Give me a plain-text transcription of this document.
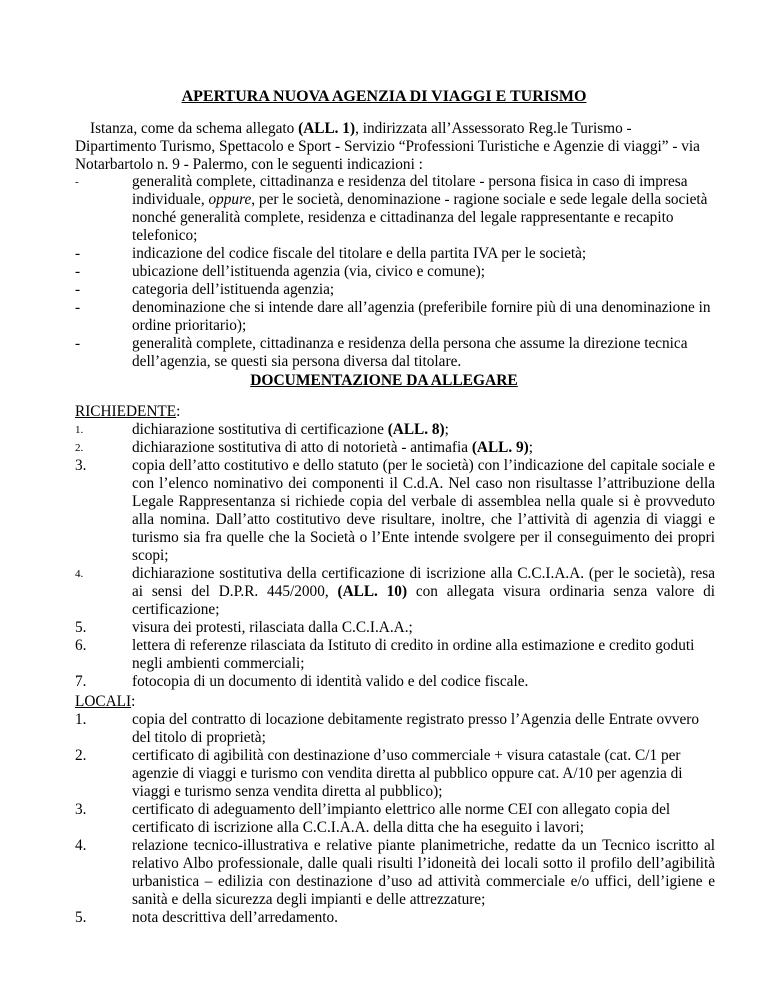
APERTURA NUOVA AGENZIA DI VIAGGI E TURISMO
Istanza, come da schema allegato (ALL. 1), indirizzata all’Assessorato Reg.le Turismo - Dipartimento Turismo, Spettacolo e Sport - Servizio “Professioni Turistiche e Agenzie di viaggi” - via Notarbartolo n. 9 - Palermo, con le seguenti indicazioni :
-	generalità complete, cittadinanza e residenza del titolare - persona fisica in caso di impresa individuale, oppure, per le società, denominazione - ragione sociale e sede legale della società nonché generalità complete, residenza e cittadinanza del legale rappresentante e recapito telefonico;
-	indicazione del codice fiscale del titolare e della partita IVA per le società;
-	ubicazione dell’istituenda agenzia (via, civico e comune);
-	categoria dell’istituenda agenzia;
-	denominazione che si intende dare all’agenzia (preferibile fornire più di una denominazione in ordine prioritario);
-	generalità complete, cittadinanza e residenza della persona che assume la direzione tecnica dell’agenzia, se questi sia persona diversa dal titolare.
DOCUMENTAZIONE DA ALLEGARE
RICHIEDENTE:
1.	dichiarazione sostitutiva di certificazione (ALL. 8);
2.	dichiarazione sostitutiva di atto di notorietà - antimafia (ALL. 9);
3.	copia dell’atto costitutivo e dello statuto (per le società) con l’indicazione del capitale sociale e con l’elenco nominativo dei componenti il C.d.A. Nel caso non risultasse l’attribuzione della Legale Rappresentanza si richiede copia del verbale di assemblea nella quale si è provveduto alla nomina. Dall’atto costitutivo deve risultare, inoltre, che l’attività di agenzia di viaggi e turismo sia fra quelle che la Società o l’Ente intende svolgere per il conseguimento dei propri scopi;
4.	dichiarazione sostitutiva della certificazione di iscrizione alla C.C.I.A.A. (per le società), resa ai sensi del D.P.R. 445/2000, (ALL. 10) con allegata visura ordinaria senza valore di certificazione;
5.	visura dei protesti, rilasciata dalla C.C.I.A.A.;
6.	lettera di referenze rilasciata da Istituto di credito in ordine alla estimazione e credito goduti negli ambienti commerciali;
7.	fotocopia di un documento di identità valido e del codice fiscale.
LOCALI:
1.	copia del contratto di locazione debitamente registrato presso l’Agenzia delle Entrate ovvero del titolo di proprietà;
2.	certificato di agibilità con destinazione d’uso commerciale + visura catastale (cat. C/1 per agenzie di viaggi e turismo con vendita diretta al pubblico oppure cat. A/10 per agenzia di viaggi e turismo senza vendita diretta al pubblico);
3.	certificato di adeguamento dell’impianto elettrico alle norme CEI con allegato copia del certificato di iscrizione alla C.C.I.A.A. della ditta che ha eseguito i lavori;
4.	relazione tecnico-illustrativa e relative piante planimetriche, redatte da un Tecnico iscritto al relativo Albo professionale, dalle quali risulti l’idoneità dei locali sotto il profilo dell’agibilità urbanistica – edilizia con destinazione d’uso ad attività commerciale e/o uffici, dell’igiene e sanità e della sicurezza degli impianti e delle attrezzature;
5.	nota descrittiva dell’arredamento.
